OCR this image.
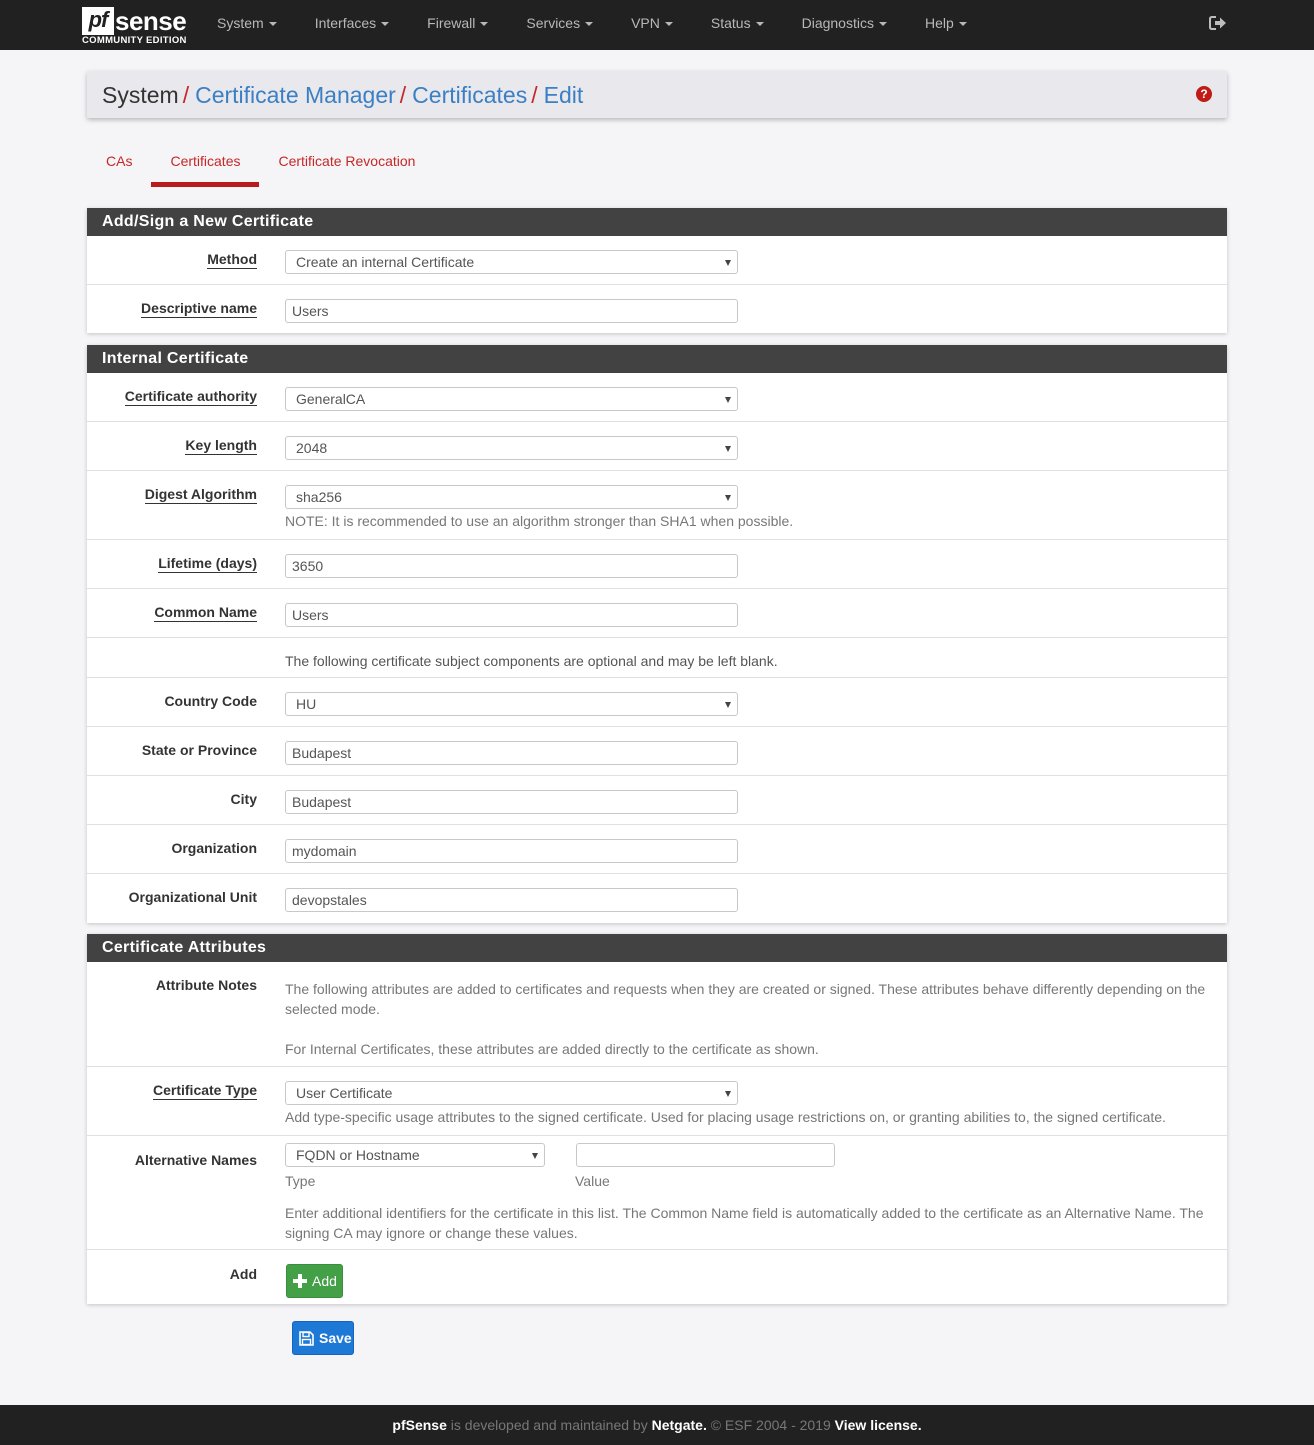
pf sense
COMMUNITY EDITION
System	Interfaces	Firewall	Services	VPN	Status	Diagnostics	Help
System / Certificate Manager / Certificates / Edit	?
CAs	Certificates	Certificate Revocation
Add/Sign a New Certificate
Method	Create an internal Certificate
Descriptive name	Users
Internal Certificate
Certificate authority	GeneralCA
Key length	2048
Digest Algorithm	sha256
NOTE: It is recommended to use an algorithm stronger than SHA1 when possible.
Lifetime (days)	3650
Common Name	Users
The following certificate subject components are optional and may be left blank.
Country Code	HU
State or Province	Budapest
City	Budapest
Organization	mydomain
Organizational Unit	devopstales
Certificate Attributes
Attribute Notes The following attributes are added to certificates and requests when they are created or signed. These attributes behave differently depending on the selected mode.
For Internal Certificates, these attributes are added directly to the certificate as shown.
Certificate Type	User Certificate
Add type-specific usage attributes to the signed certificate. Used for placing usage restrictions on, or granting abilities to, the signed certificate.
Alternative Names	FQDN or Hostname

Type	Value
Enter additional identifiers for the certificate in this list. The Common Name field is automatically added to the certificate as an Alternative Name. The signing CA may ignore or change these values.
Add	Add
Save
pfSense is developed and maintained by Netgate. © ESF 2004 - 2019 View license.
